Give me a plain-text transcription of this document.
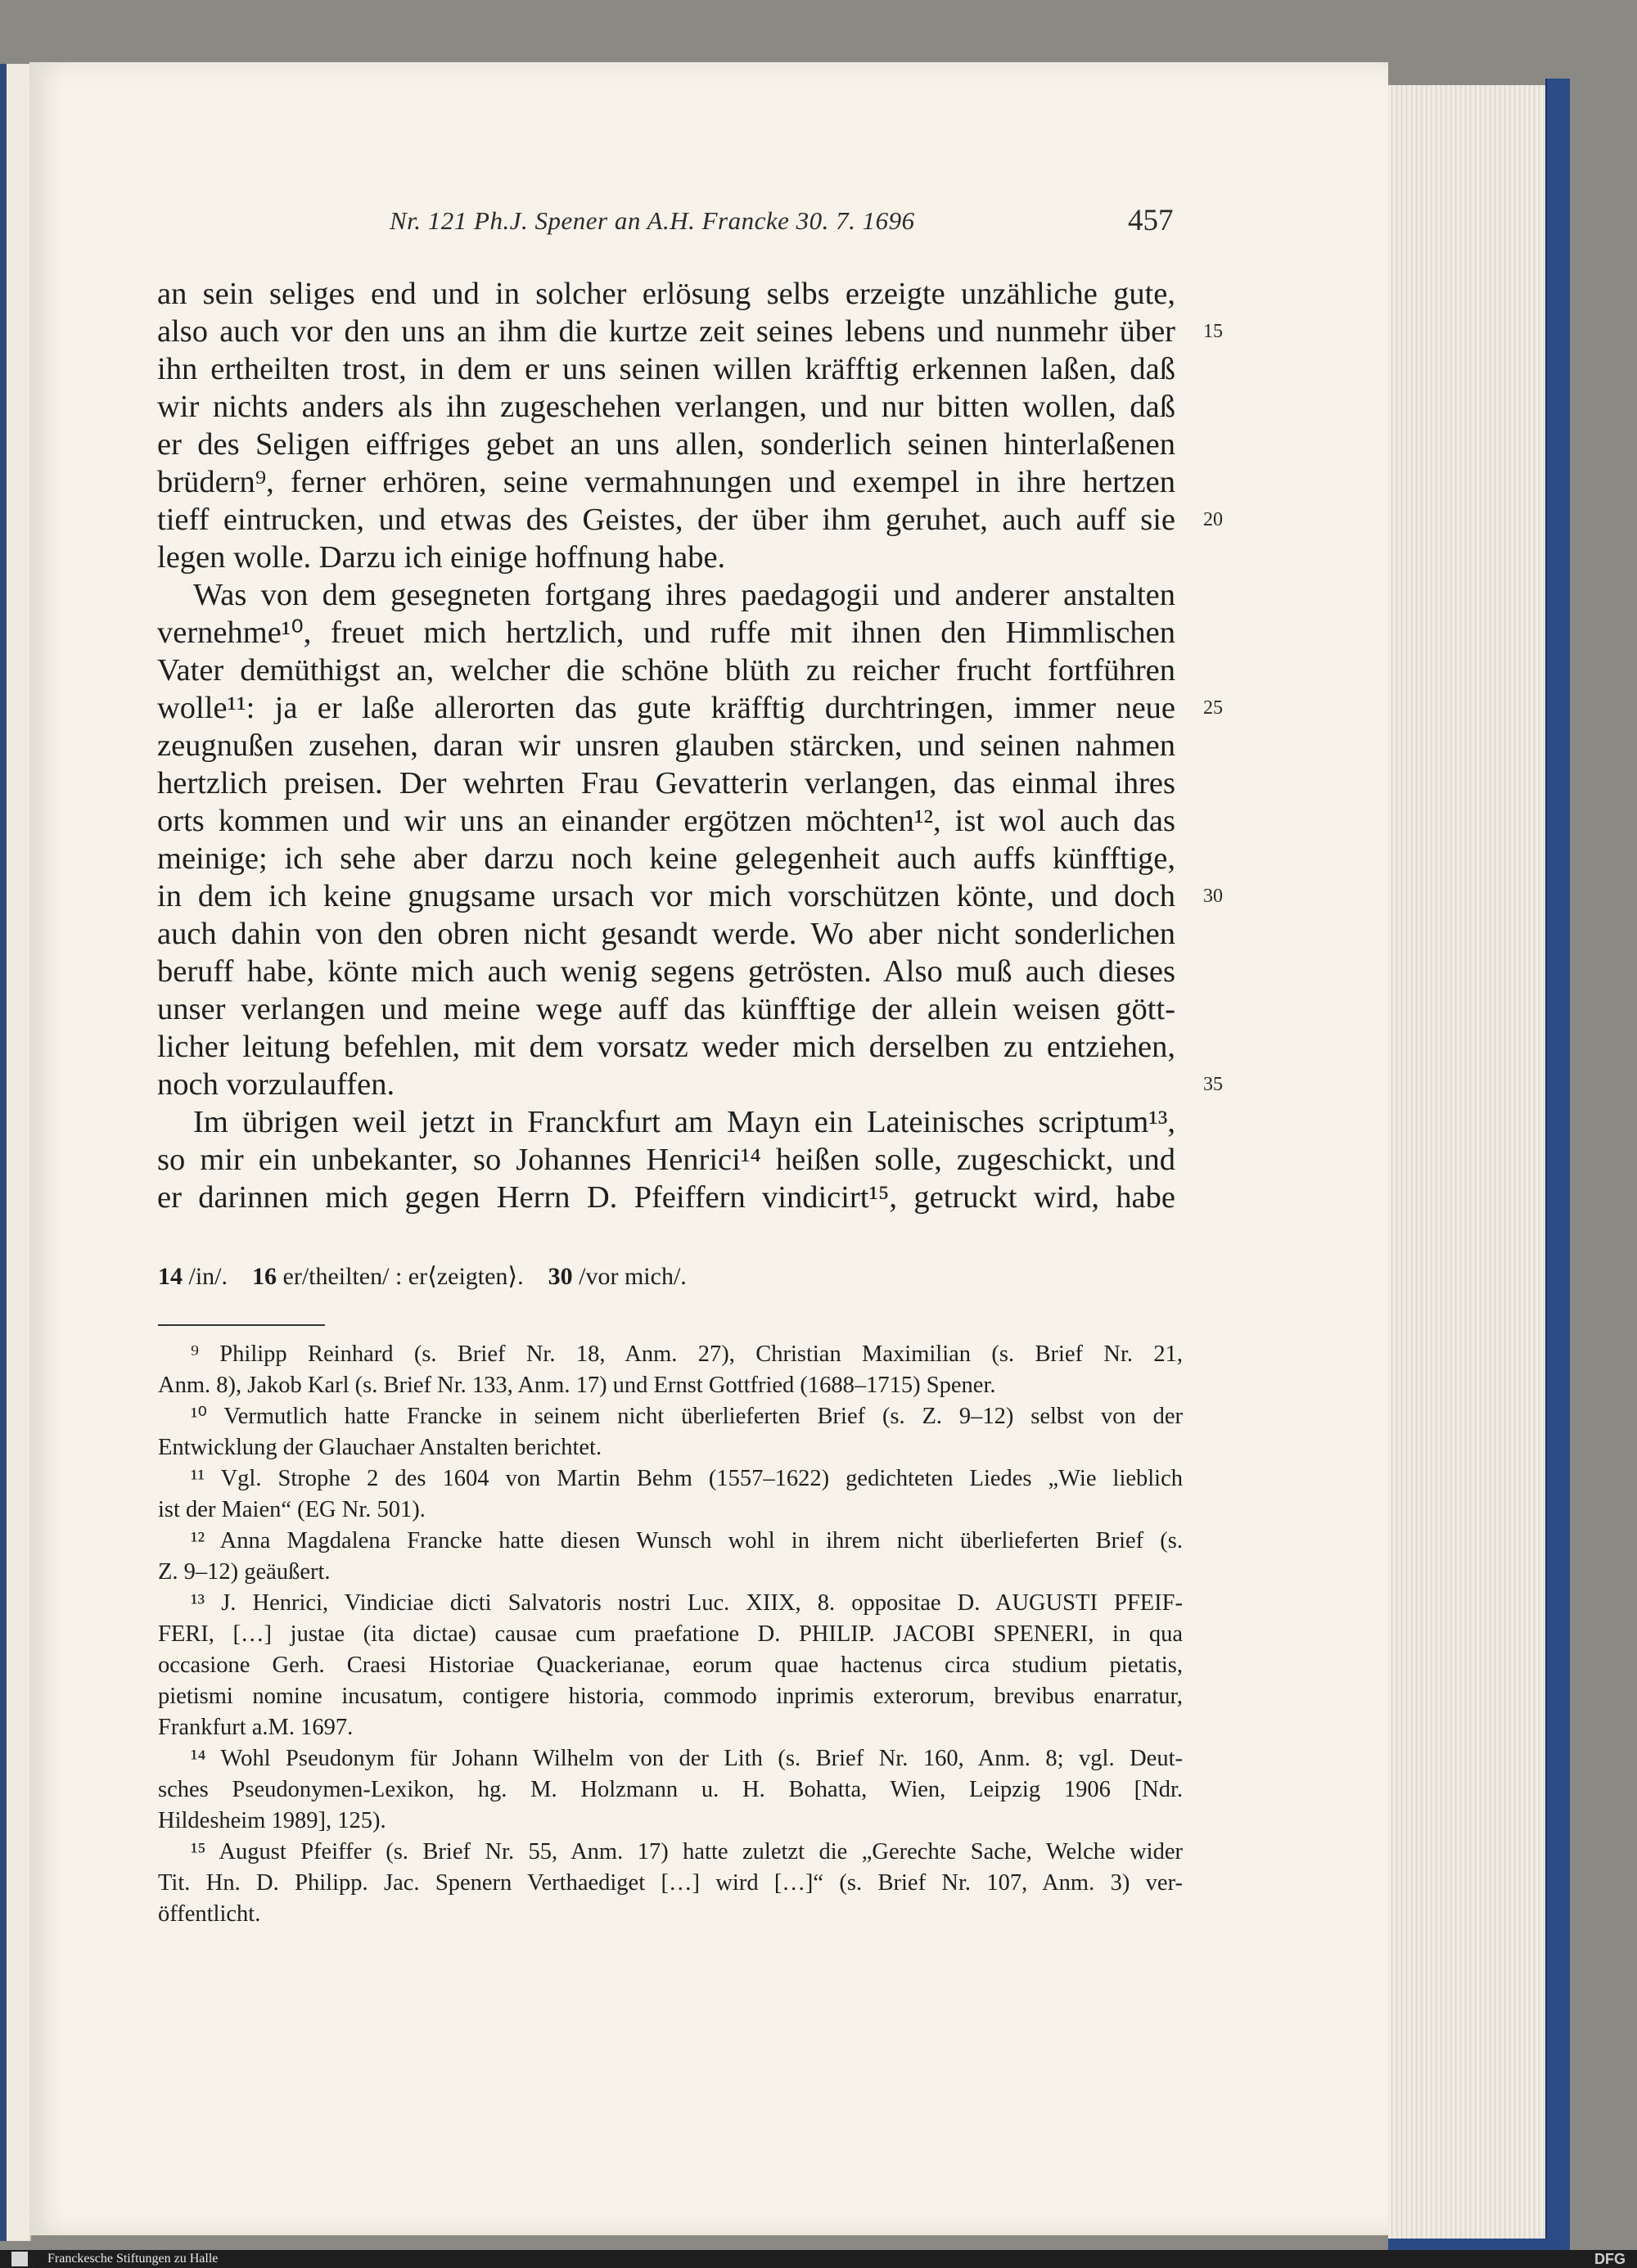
Nr. 121 Ph.J. Spener an A.H. Francke 30. 7. 1696	457
an sein seliges end und in solcher erlösung selbs erzeigte unzähliche gute,
also auch vor den uns an ihm die kurtze zeit seines lebens und nunmehr über
ihn ertheilten trost, in dem er uns seinen willen kräfftig erkennen laßen, daß
wir nichts anders als ihn zugeschehen verlangen, und nur bitten wollen, daß
er des Seligen eiffriges gebet an uns allen, sonderlich seinen hinterlaßenen
brüdern⁹, ferner erhören, seine vermahnungen und exempel in ihre hertzen
tieff eintrucken, und etwas des Geistes, der über ihm geruhet, auch auff sie
legen wolle. Darzu ich einige hoffnung habe.
Was von dem gesegneten fortgang ihres paedagogii und anderer anstalten
vernehme¹⁰, freuet mich hertzlich, und ruffe mit ihnen den Himmlischen
Vater demüthigst an, welcher die schöne blüth zu reicher frucht fortführen
wolle¹¹: ja er laße allerorten das gute kräfftig durchtringen, immer neue
zeugnußen zusehen, daran wir unsren glauben stärcken, und seinen nahmen
hertzlich preisen. Der wehrten Frau Gevatterin verlangen, das einmal ihres
orts kommen und wir uns an einander ergötzen möchten¹², ist wol auch das
meinige; ich sehe aber darzu noch keine gelegenheit auch auffs künfftige,
in dem ich keine gnugsame ursach vor mich vorschützen könte, und doch
auch dahin von den obren nicht gesandt werde. Wo aber nicht sonderlichen
beruff habe, könte mich auch wenig segens getrösten. Also muß auch dieses
unser verlangen und meine wege auff das künfftige der allein weisen gött-
licher leitung befehlen, mit dem vorsatz weder mich derselben zu entziehen,
noch vorzulauffen.
Im übrigen weil jetzt in Franckfurt am Mayn ein Lateinisches scriptum¹³,
so mir ein unbekanter, so Johannes Henrici¹⁴ heißen solle, zugeschickt, und
er darinnen mich gegen Herrn D. Pfeiffern vindicirt¹⁵, getruckt wird, habe
15
20
25
30
35
14 /in/. 16 er/theilten/ : er⟨zeigten⟩. 30 /vor mich/.
⁹ Philipp Reinhard (s. Brief Nr. 18, Anm. 27), Christian Maximilian (s. Brief Nr. 21,
Anm. 8), Jakob Karl (s. Brief Nr. 133, Anm. 17) und Ernst Gottfried (1688–1715) Spener.
¹⁰ Vermutlich hatte Francke in seinem nicht überlieferten Brief (s. Z. 9–12) selbst von der
Entwicklung der Glauchaer Anstalten berichtet.
¹¹ Vgl. Strophe 2 des 1604 von Martin Behm (1557–1622) gedichteten Liedes „Wie lieblich
ist der Maien“ (EG Nr. 501).
¹² Anna Magdalena Francke hatte diesen Wunsch wohl in ihrem nicht überlieferten Brief (s.
Z. 9–12) geäußert.
¹³ J. Henrici, Vindiciae dicti Salvatoris nostri Luc. XIIX, 8. oppositae D. AUGUSTI PFEIF-
FERI, […] justae (ita dictae) causae cum praefatione D. PHILIP. JACOBI SPENERI, in qua
occasione Gerh. Craesi Historiae Quackerianae, eorum quae hactenus circa studium pietatis,
pietismi nomine incusatum, contigere historia, commodo inprimis exterorum, brevibus enarratur,
Frankfurt a.M. 1697.
¹⁴ Wohl Pseudonym für Johann Wilhelm von der Lith (s. Brief Nr. 160, Anm. 8; vgl. Deut-
sches Pseudonymen-Lexikon, hg. M. Holzmann u. H. Bohatta, Wien, Leipzig 1906 [Ndr.
Hildesheim 1989], 125).
¹⁵ August Pfeiffer (s. Brief Nr. 55, Anm. 17) hatte zuletzt die „Gerechte Sache, Welche wider
Tit. Hn. D. Philipp. Jac. Spenern Verthaediget […] wird […]“ (s. Brief Nr. 107, Anm. 3) ver-
öffentlicht.
Franckesche Stiftungen zu Halle	DFG
